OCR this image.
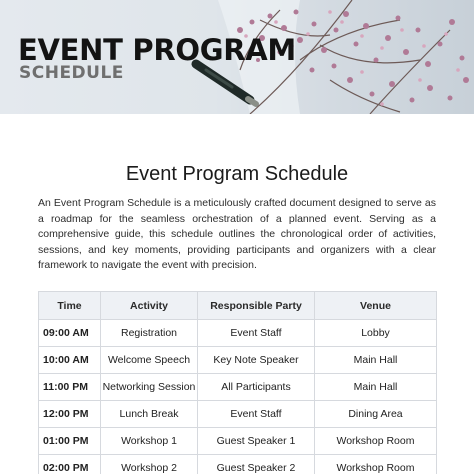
EVENT PROGRAM
SCHEDULE
Event Program Schedule

An Event Program Schedule is a meticulously crafted document designed to serve as a roadmap for the seamless orchestration of a planned event. Serving as a comprehensive guide, this schedule outlines the chronological order of activities, sessions, and key moments, providing participants and organizers with a clear framework to navigate the event with precision.

Time	Activity	Responsible Party	Venue
09:00 AM	Registration	Event Staff	Lobby
10:00 AM	Welcome Speech	Key Note Speaker	Main Hall
11:00 PM	Networking Session	All Participants	Main Hall
12:00 PM	Lunch Break	Event Staff	Dining Area
01:00 PM	Workshop 1	Guest Speaker 1	Workshop Room
02:00 PM	Workshop 2	Guest Speaker 2	Workshop Room
